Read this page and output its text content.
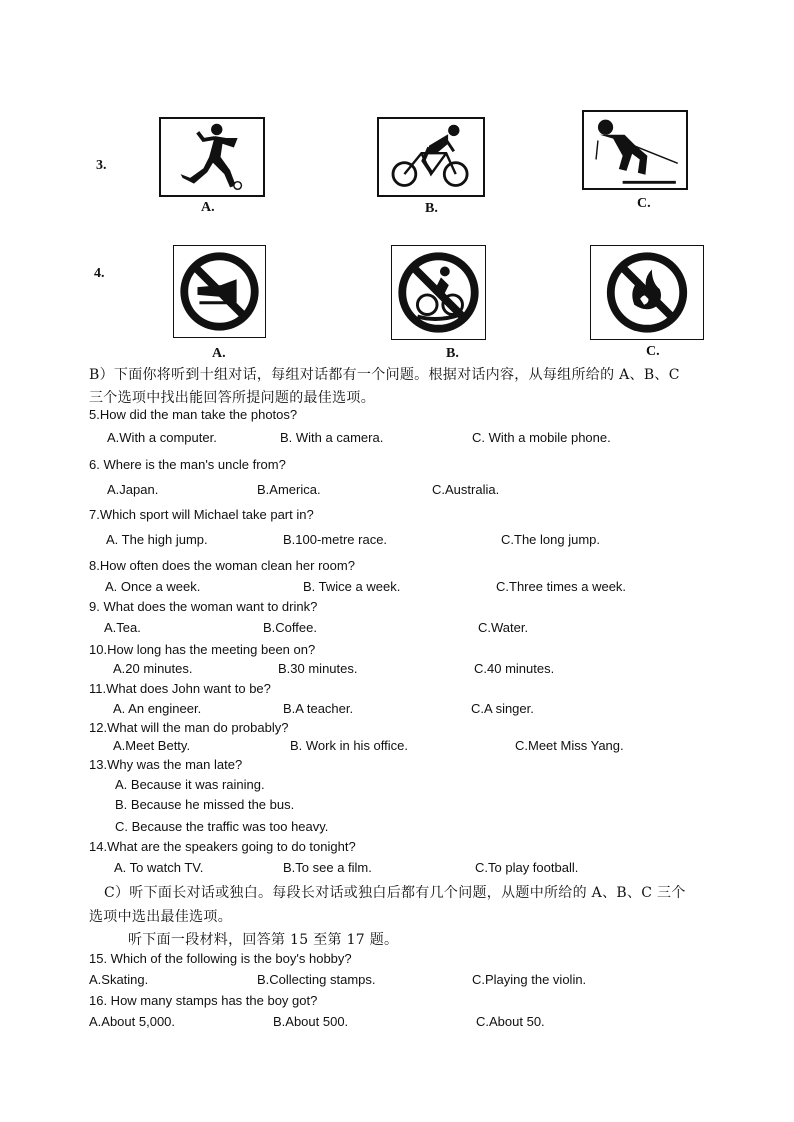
3.
A.	B.	C.
4.
A.	B.	C.
B）下面你将听到十组对话，每组对话都有一个问题。根据对话内容，从每组所给的 A、B、C
三个选项中找出能回答所提问题的最佳选项。
5.How did the man take the photos?
A.With a computer.	B. With a camera.	C. With a mobile phone.
6. Where is the man's uncle from?
A.Japan.	B.America.	C.Australia.
7.Which sport will Michael take part in?
A. The high jump.	B.100-metre race.	C.The long jump.
8.How often does the woman clean her room?
A. Once a week.	B. Twice a week.	C.Three times a week.
9. What does the woman want to drink?
A.Tea.	B.Coffee.	C.Water.
10.How long has the meeting been on?
A.20 minutes.	B.30 minutes.	C.40 minutes.
11.What does John want to be?
A. An engineer.	B.A teacher.	C.A singer.
12.What will the man do probably?
A.Meet Betty.	B. Work in his office.	C.Meet Miss Yang.
13.Why was the man late?
A. Because it was raining.
B. Because he missed the bus.
C. Because the traffic was too heavy.
14.What are the speakers going to do tonight?
A. To watch TV.	B.To see a film.	C.To play football.
C）听下面长对话或独白。每段长对话或独白后都有几个问题，从题中所给的 A、B、C 三个
选项中选出最佳选项。
听下面一段材料，回答第 15 至第 17 题。
15. Which of the following is the boy's hobby?
A.Skating.	B.Collecting stamps.	C.Playing the violin.
16. How many stamps has the boy got?
A.About 5,000.	B.About 500.	C.About 50.
